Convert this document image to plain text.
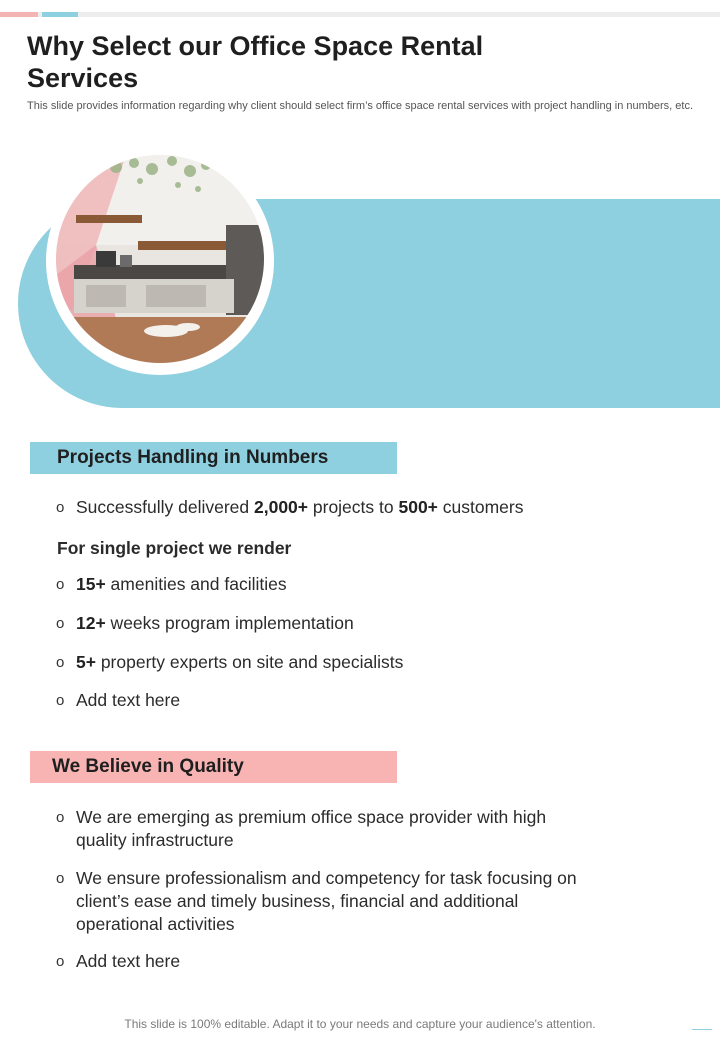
Why Select our Office Space Rental Services

This slide provides information regarding why client should select firm’s office space rental services with project handling in numbers, etc.

Projects Handling in Numbers
o Successfully delivered 2,000+ projects to 500+ customers
For single project we render
o 15+ amenities and facilities
o 12+ weeks program implementation
o 5+ property experts on site and specialists
o Add text here
We Believe in Quality
o We are emerging as premium office space provider with high quality infrastructure
o We ensure professionalism and competency for task focusing on client’s ease and timely business, financial and additional operational activities
o Add text here
This slide is 100% editable. Adapt it to your needs and capture your audience's attention.
